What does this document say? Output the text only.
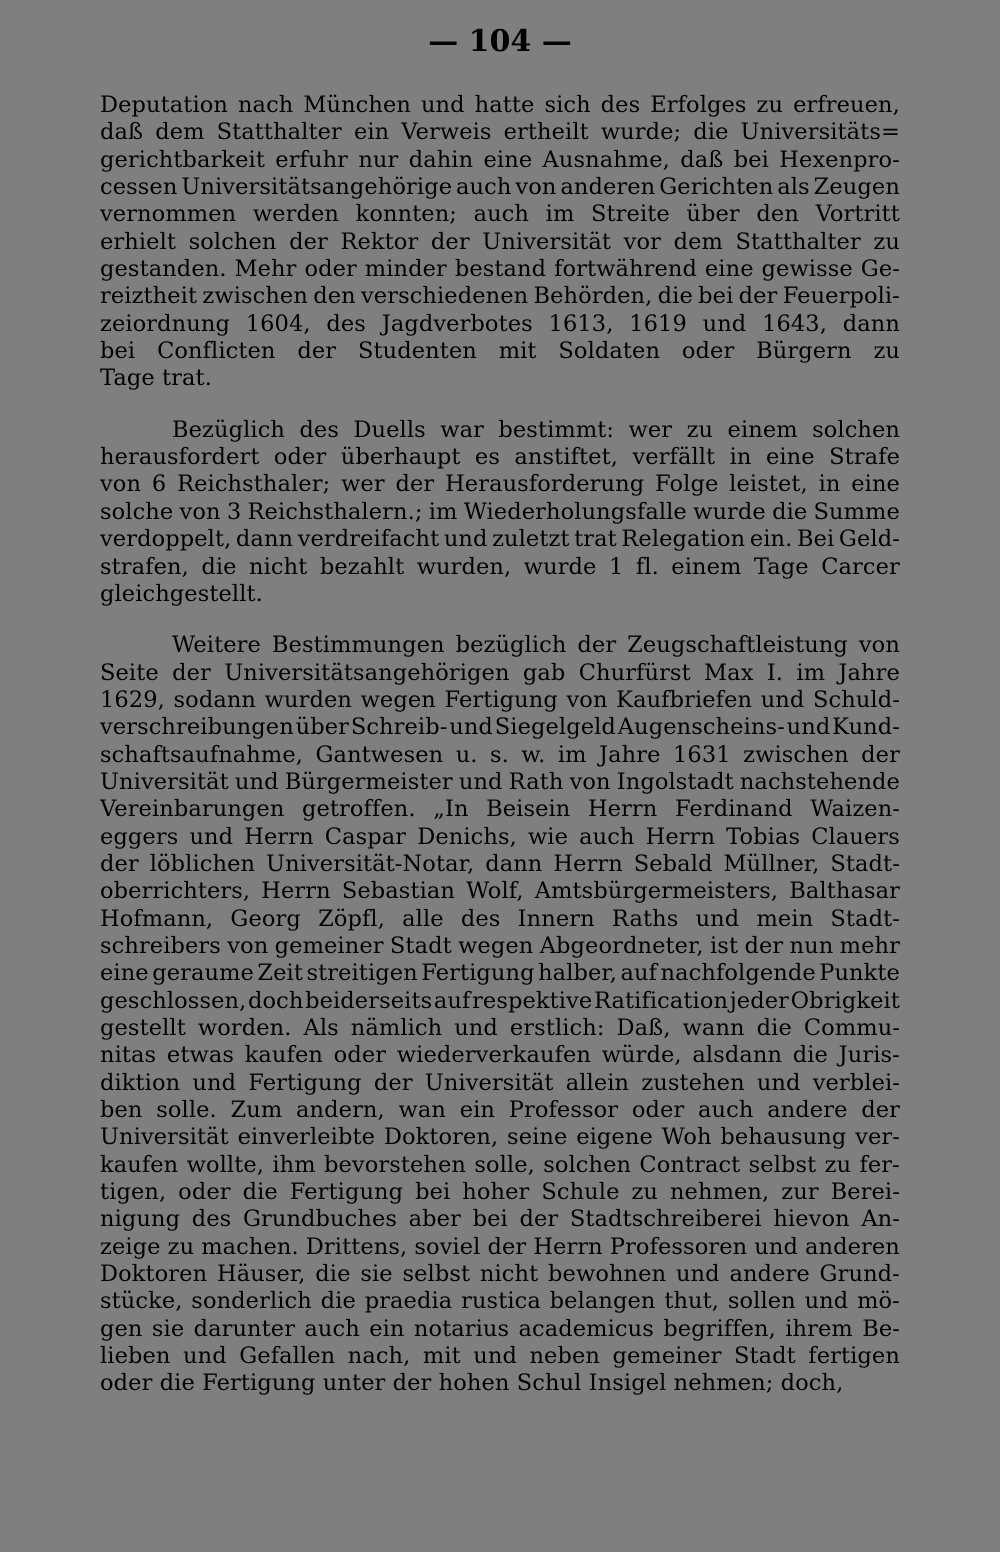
— 104 —
Deputation nach München und hatte sich des Erfolges zu erfreuen,
daß dem Statthalter ein Verweis ertheilt wurde; die Universitäts=
gerichtbarkeit erfuhr nur dahin eine Ausnahme, daß bei Hexenpro-
cessen Universitätsangehörige auch von anderen Gerichten als Zeugen
vernommen werden konnten; auch im Streite über den Vortritt
erhielt solchen der Rektor der Universität vor dem Statthalter zu
gestanden. Mehr oder minder bestand fortwährend eine gewisse Ge-
reiztheit zwischen den verschiedenen Behörden, die bei der Feuerpoli-
zeiordnung 1604, des Jagdverbotes 1613, 1619 und 1643, dann
bei Conflicten der Studenten mit Soldaten oder Bürgern zu
Tage trat.
Bezüglich des Duells war bestimmt: wer zu einem solchen
herausfordert oder überhaupt es anstiftet, verfällt in eine Strafe
von 6 Reichsthaler; wer der Herausforderung Folge leistet, in eine
solche von 3 Reichsthalern.; im Wiederholungsfalle wurde die Summe
verdoppelt, dann verdreifacht und zuletzt trat Relegation ein. Bei Geld-
strafen, die nicht bezahlt wurden, wurde 1 fl. einem Tage Carcer
gleichgestellt.
Weitere Bestimmungen bezüglich der Zeugschaftleistung von
Seite der Universitätsangehörigen gab Churfürst Max I. im Jahre
1629, sodann wurden wegen Fertigung von Kaufbriefen und Schuld-
verschreibungen über Schreib- und Siegelgeld Augenscheins- und Kund-
schaftsaufnahme, Gantwesen u. s. w. im Jahre 1631 zwischen der
Universität und Bürgermeister und Rath von Ingolstadt nachstehende
Vereinbarungen getroffen. „In Beisein Herrn Ferdinand Waizen-
eggers und Herrn Caspar Denichs, wie auch Herrn Tobias Clauers
der löblichen Universität-Notar, dann Herrn Sebald Müllner, Stadt-
oberrichters, Herrn Sebastian Wolf, Amtsbürgermeisters, Balthasar
Hofmann, Georg Zöpfl, alle des Innern Raths und mein Stadt-
schreibers von gemeiner Stadt wegen Abgeordneter, ist der nun mehr
eine geraume Zeit streitigen Fertigung halber, auf nachfolgende Punkte
geschlossen, doch beiderseits auf respektive Ratification jeder Obrigkeit
gestellt worden. Als nämlich und erstlich: Daß, wann die Commu-
nitas etwas kaufen oder wiederverkaufen würde, alsdann die Juris-
diktion und Fertigung der Universität allein zustehen und verblei-
ben solle. Zum andern, wan ein Professor oder auch andere der
Universität einverleibte Doktoren, seine eigene Woh behausung ver-
kaufen wollte, ihm bevorstehen solle, solchen Contract selbst zu fer-
tigen, oder die Fertigung bei hoher Schule zu nehmen, zur Berei-
nigung des Grundbuches aber bei der Stadtschreiberei hievon An-
zeige zu machen. Drittens, soviel der Herrn Professoren und anderen
Doktoren Häuser, die sie selbst nicht bewohnen und andere Grund-
stücke, sonderlich die praedia rustica belangen thut, sollen und mö-
gen sie darunter auch ein notarius academicus begriffen, ihrem Be-
lieben und Gefallen nach, mit und neben gemeiner Stadt fertigen
oder die Fertigung unter der hohen Schul Insigel nehmen; doch,
